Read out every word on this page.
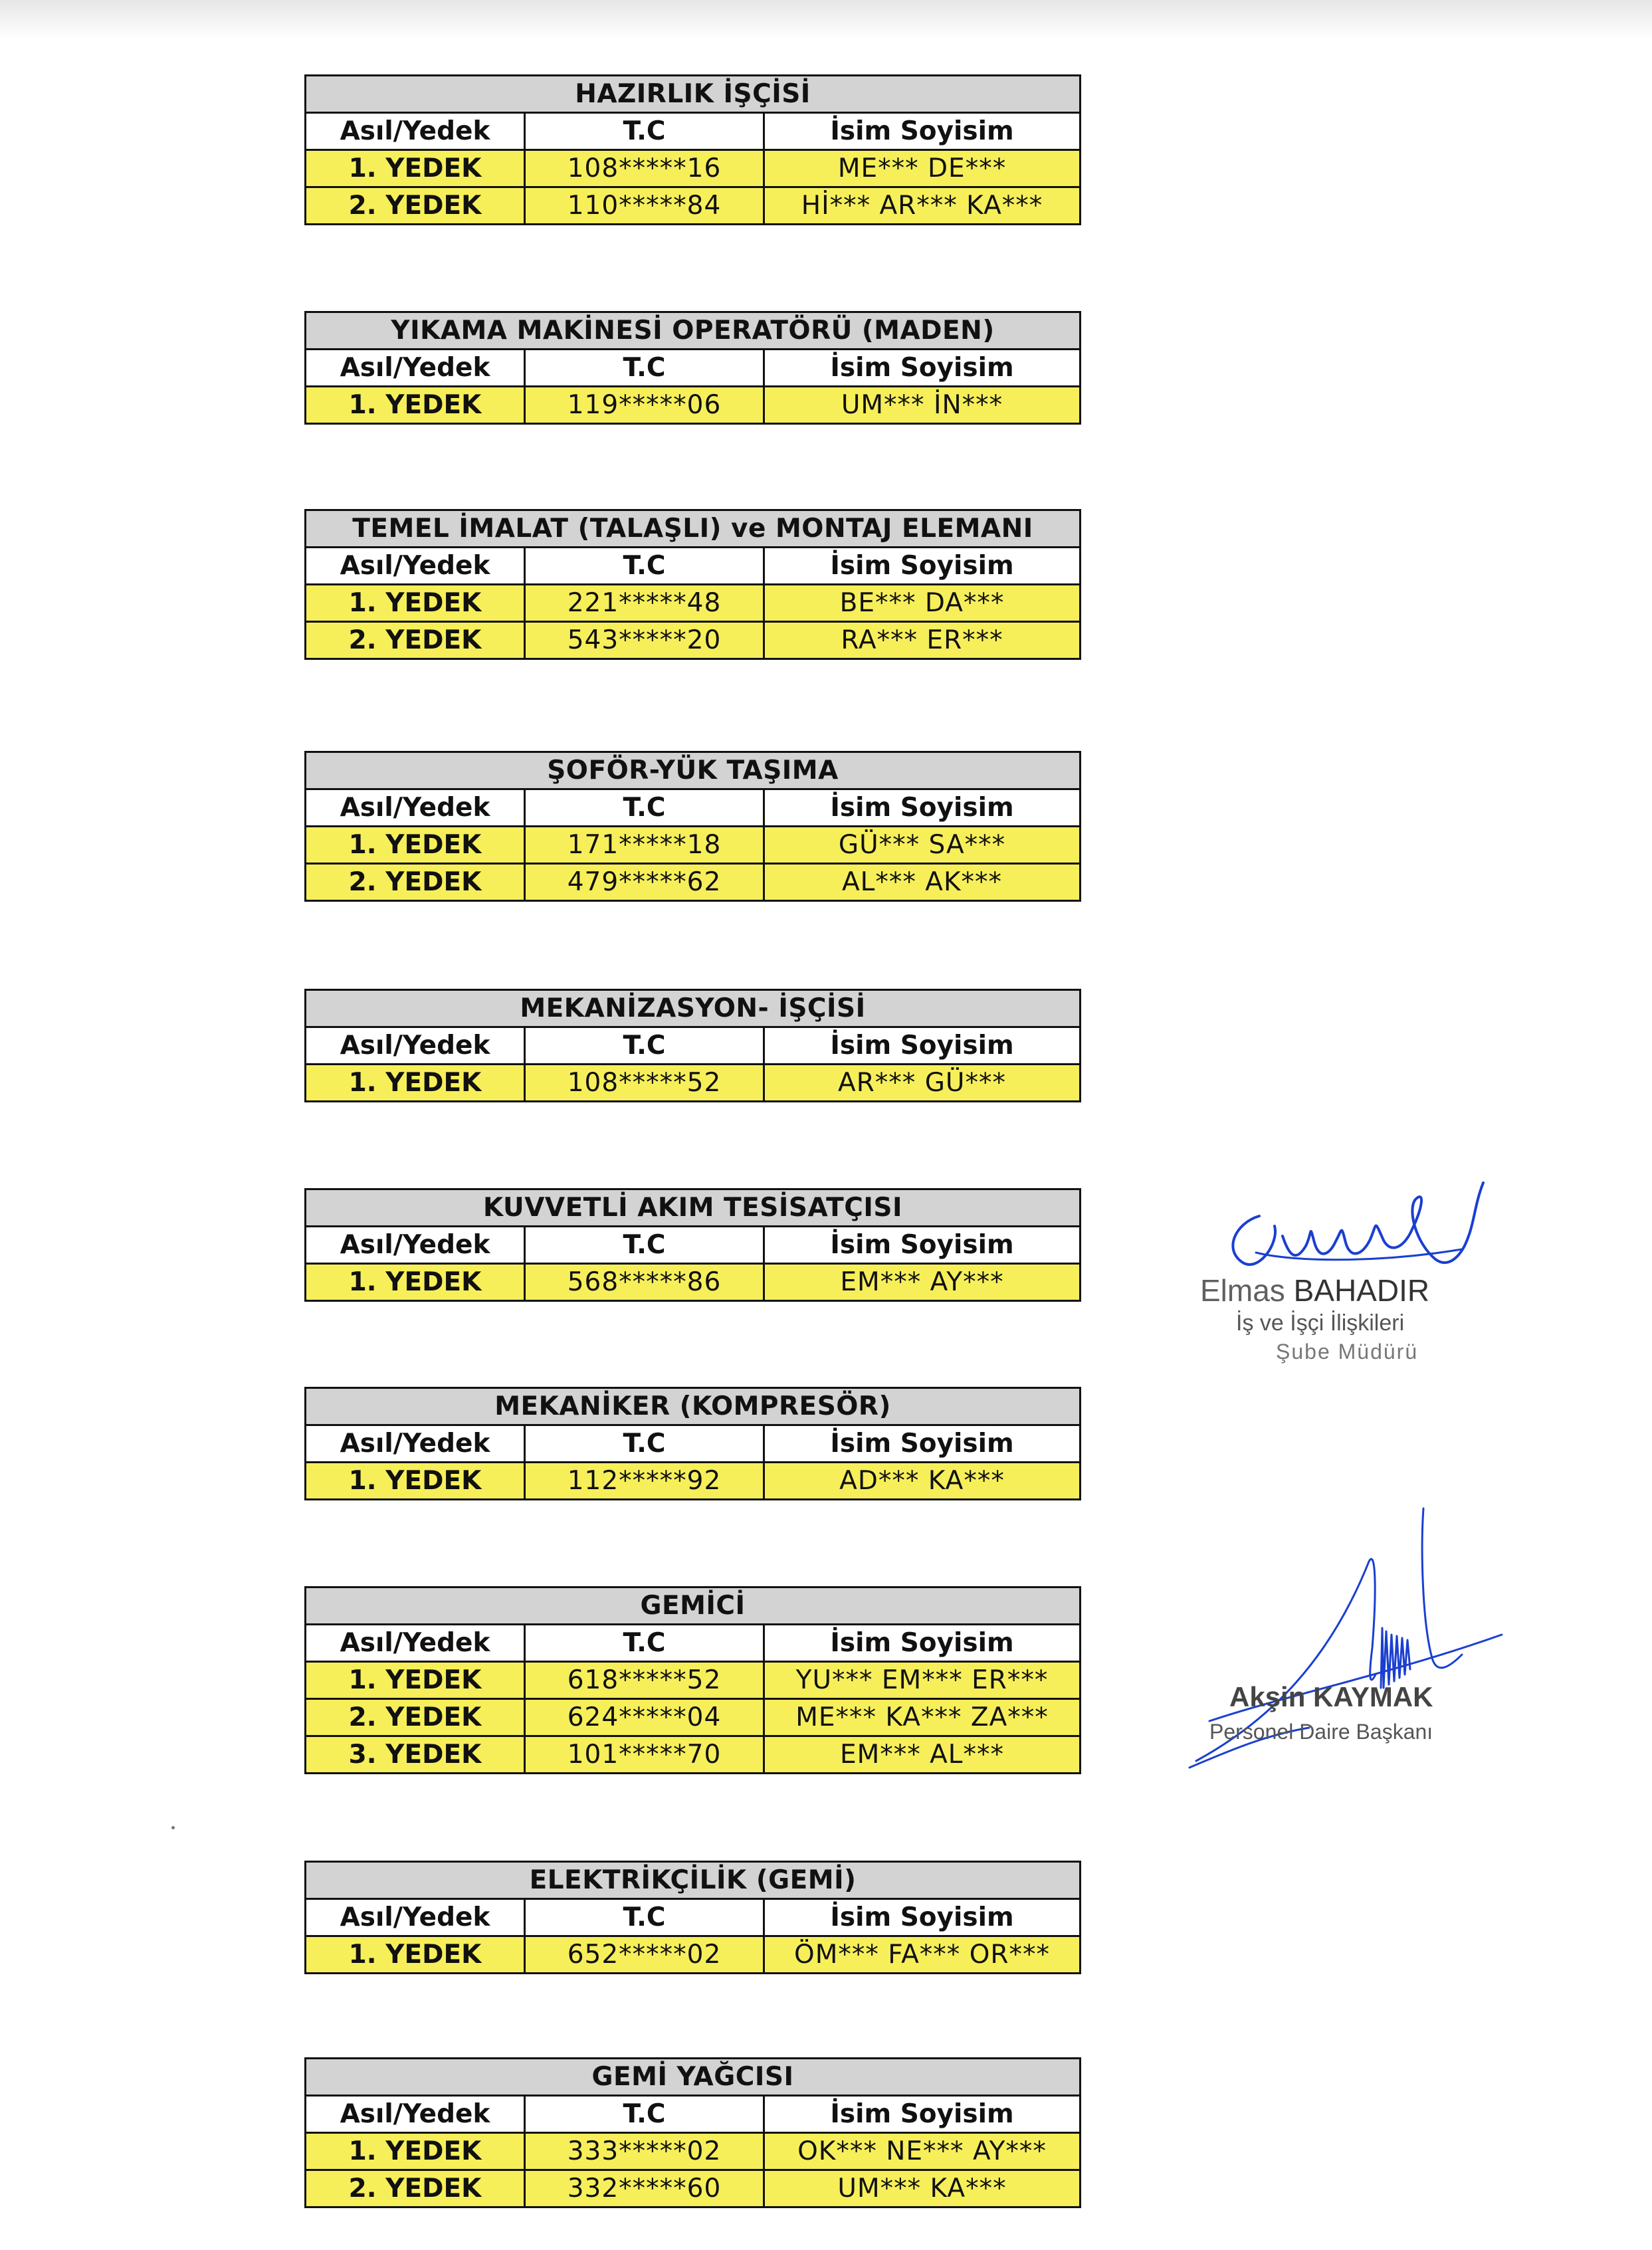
HAZIRLIK İŞÇİSİ		
Asıl/Yedek	T.C	İsim Soyisim
1. YEDEK	108*****16	ME*** DE***
2. YEDEK	110*****84	Hİ*** AR*** KA***
YIKAMA MAKİNESİ OPERATÖRÜ (MADEN)		
Asıl/Yedek	T.C	İsim Soyisim
1. YEDEK	119*****06	UM*** İN***
TEMEL İMALAT (TALAŞLI) ve MONTAJ ELEMANI		
Asıl/Yedek	T.C	İsim Soyisim
1. YEDEK	221*****48	BE*** DA***
2. YEDEK	543*****20	RA*** ER***
ŞOFÖR-YÜK TAŞIMA		
Asıl/Yedek	T.C	İsim Soyisim
1. YEDEK	171*****18	GÜ*** SA***
2. YEDEK	479*****62	AL*** AK***
MEKANİZASYON- İŞÇİSİ		
Asıl/Yedek	T.C	İsim Soyisim
1. YEDEK	108*****52	AR*** GÜ***
KUVVETLİ AKIM TESİSATÇISI		
Asıl/Yedek	T.C	İsim Soyisim
1. YEDEK	568*****86	EM*** AY***
MEKANİKER (KOMPRESÖR)		
Asıl/Yedek	T.C	İsim Soyisim
1. YEDEK	112*****92	AD*** KA***
GEMİCİ		
Asıl/Yedek	T.C	İsim Soyisim
1. YEDEK	618*****52	YU*** EM*** ER***
2. YEDEK	624*****04	ME*** KA*** ZA***
3. YEDEK	101*****70	EM*** AL***
ELEKTRİKÇİLİK (GEMİ)		
Asıl/Yedek	T.C	İsim Soyisim
1. YEDEK	652*****02	ÖM*** FA*** OR***
GEMİ YAĞCISI		
Asıl/Yedek	T.C	İsim Soyisim
1. YEDEK	333*****02	OK*** NE*** AY***
2. YEDEK	332*****60	UM*** KA***
Elmas BAHADIR
İş ve İşçi İlişkileri
Şube Müdürü
Akşin KAYMAK
Personel Daire Başkanı
